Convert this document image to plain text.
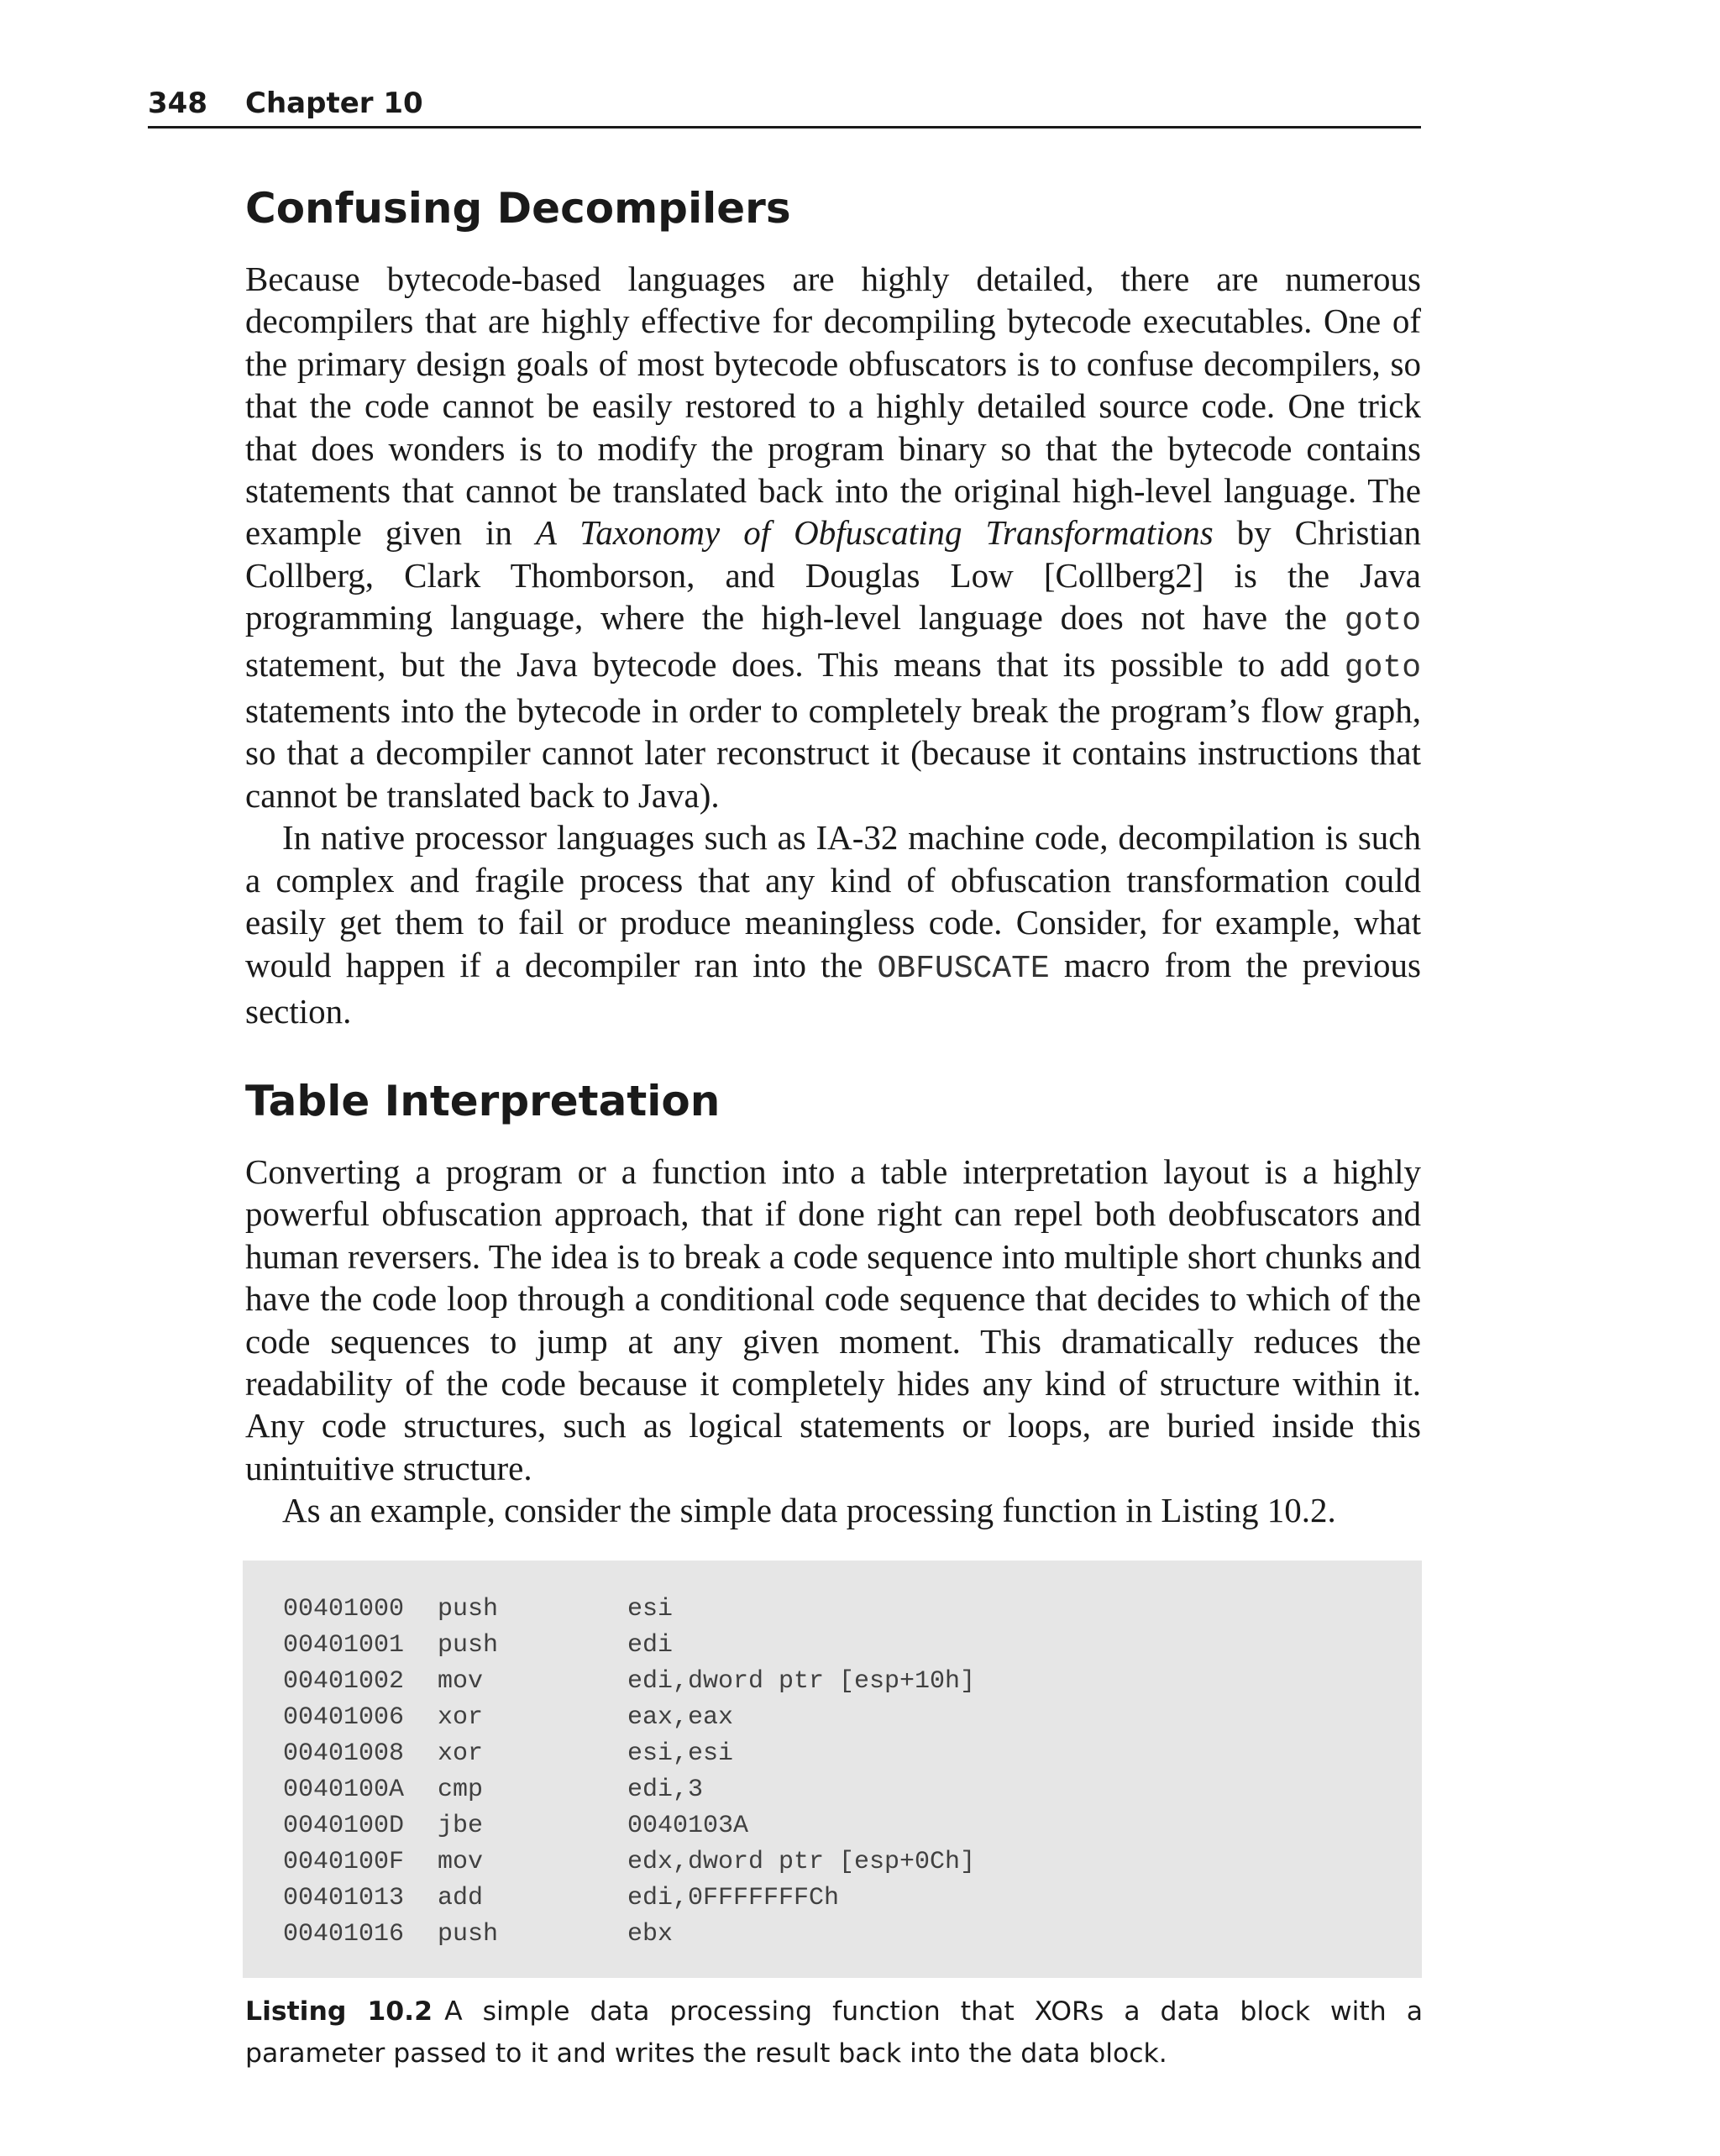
348 Chapter 10
Confusing Decompilers

Because bytecode-based languages are highly detailed, there are numerous decompilers that are highly effective for decompiling bytecode executables. One of the primary design goals of most bytecode obfuscators is to confuse decompilers, so that the code cannot be easily restored to a highly detailed source code. One trick that does wonders is to modify the program binary so that the bytecode contains statements that cannot be translated back into the original high-level language. The example given in A Taxonomy of Obfuscating Transformations by Christian Collberg, Clark Thomborson, and Douglas Low [Collberg2] is the Java programming language, where the high-level language does not have the goto statement, but the Java bytecode does. This means that its possible to add goto statements into the bytecode in order to completely break the program’s flow graph, so that a decompiler cannot later reconstruct it (because it contains instructions that cannot be translated back to Java).

In native processor languages such as IA-32 machine code, decompilation is such a complex and fragile process that any kind of obfuscation transformation could easily get them to fail or produce meaningless code. Consider, for example, what would happen if a decompiler ran into the OBFUSCATE macro from the previous section.

Table Interpretation

Converting a program or a function into a table interpretation layout is a highly powerful obfuscation approach, that if done right can repel both deobfuscators and human reversers. The idea is to break a code sequence into multiple short chunks and have the code loop through a conditional code sequence that decides to which of the code sequences to jump at any given moment. This dramatically reduces the readability of the code because it completely hides any kind of structure within it. Any code structures, such as logical statements or loops, are buried inside this unintuitive structure.

As an example, consider the simple data processing function in Listing 10.2.

00401000 push	esi
00401001 push	edi
00401002 mov	edi,dword ptr [esp+10h]
00401006 xor	eax,eax
00401008 xor	esi,esi
0040100A cmp	edi,3
0040100D jbe	0040103A
0040100F mov	edx,dword ptr [esp+0Ch]
00401013 add	edi,0FFFFFFFCh
00401016 push	ebx
Listing 10.2 A simple data processing function that XORs a data block with a parameter passed to it and writes the result back into the data block.
